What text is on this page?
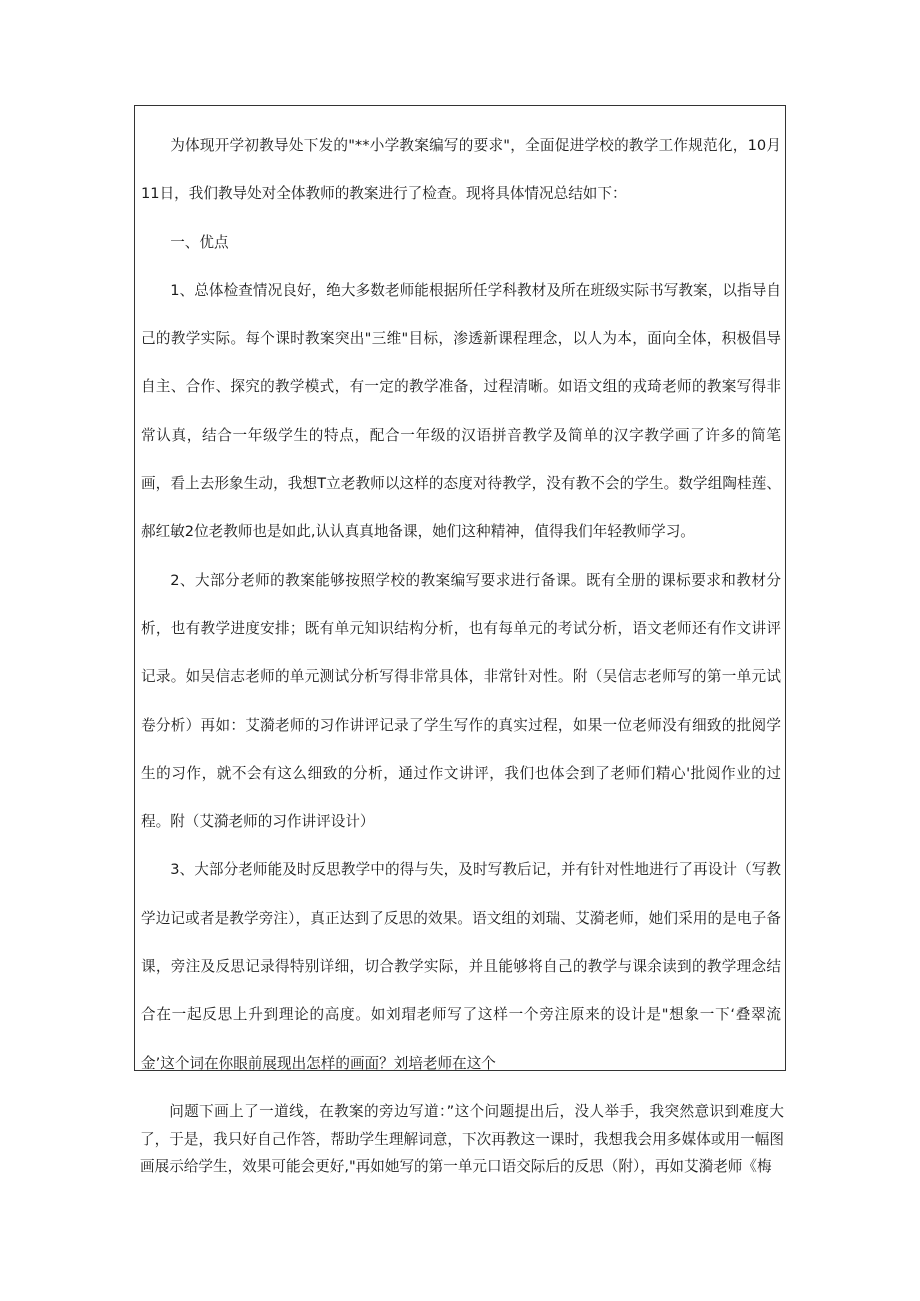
为体现开学初教导处下发的"**小学教案编写的要求"，全面促进学校的教学工作规范化，10月11日，我们教导处对全体教师的教案进行了检查。现将具体情况总结如下：

一、优点

1、总体检查情况良好，绝大多数老师能根据所任学科教材及所在班级实际书写教案，以指导自己的教学实际。每个课时教案突出"三维"目标，渗透新课程理念，以人为本，面向全体，积极倡导自主、合作、探究的教学模式，有一定的教学准备，过程清晰。如语文组的戎琦老师的教案写得非常认真，结合一年级学生的特点，配合一年级的汉语拼音教学及简单的汉字教学画了许多的简笔画，看上去形象生动，我想T立老教师以这样的态度对待教学，没有教不会的学生。数学组陶桂莲、郝红敏2位老教师也是如此,认认真真地备课，她们这种精神，值得我们年轻教师学习。

2、大部分老师的教案能够按照学校的教案编写要求进行备课。既有全册的课标要求和教材分析，也有教学进度安排；既有单元知识结构分析，也有每单元的考试分析，语文老师还有作文讲评记录。如吴信志老师的单元测试分析写得非常具体，非常针对性。附（吴信志老师写的第一单元试卷分析）再如：艾漪老师的习作讲评记录了学生写作的真实过程，如果一位老师没有细致的批阅学生的习作，就不会有这么细致的分析，通过作文讲评，我们也体会到了老师们精心'批阅作业的过程。附（艾漪老师的习作讲评设计）

3、大部分老师能及时反思教学中的得与失，及时写教后记，并有针对性地进行了再设计（写教学边记或者是教学旁注），真正达到了反思的效果。语文组的刘瑞、艾漪老师，她们采用的是电子备课，旁注及反思记录得特别详细，切合教学实际，并且能够将自己的教学与课余读到的教学理念结合在一起反思上升到理论的高度。如刘瑁老师写了这样一个旁注原来的设计是"想象一下‘叠翠流金’这个词在你眼前展现出怎样的画面？刘培老师在这个

问题下画上了一道线，在教案的旁边写道：”这个问题提出后，没人举手，我突然意识到难度大了，于是，我只好自己作答，帮助学生理解词意，下次再教这一课时，我想我会用多媒体或用一幅图画展示给学生，效果可能会更好,"再如她写的第一单元口语交际后的反思（附），再如艾漪老师《梅
